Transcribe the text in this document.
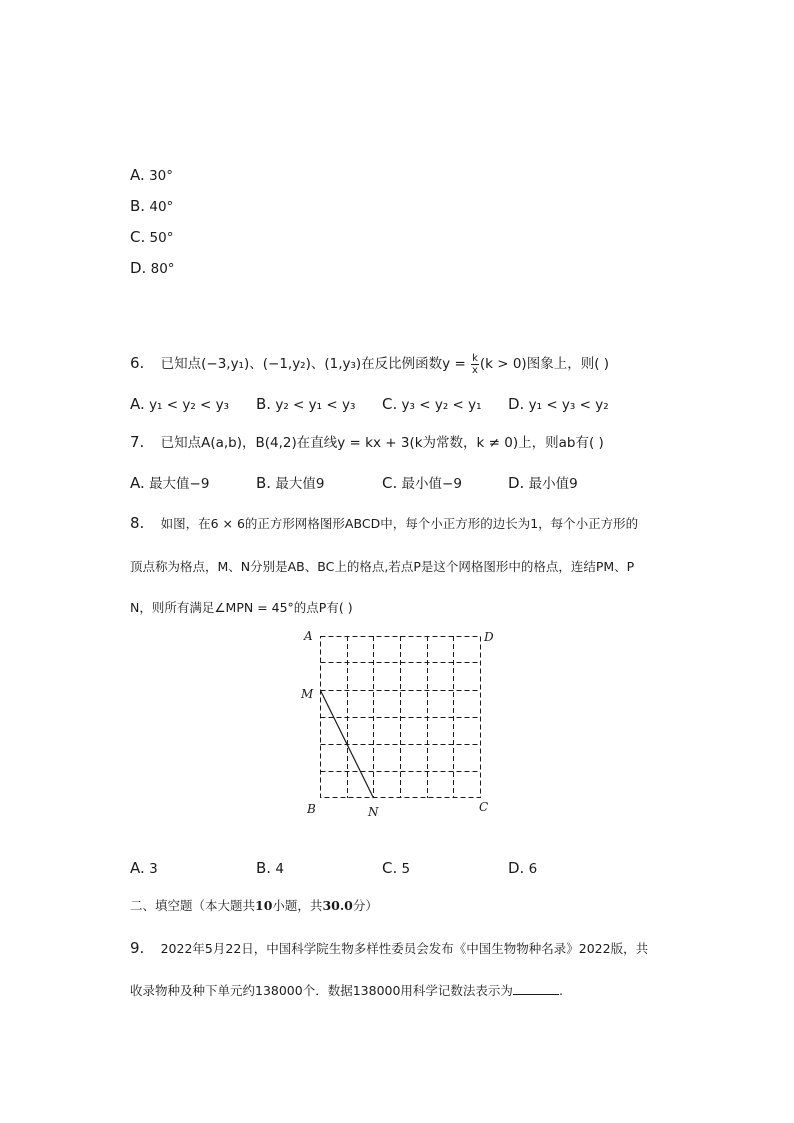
A. 30°
B. 40°
C. 50°
D. 80°
6. 已知点(−3,y₁)、(−1,y₂)、(1,y₃)在反比例函数$y = \frac{k}{x} (k > 0)$图象上，则( )
A. y₁ < y₂ < y₃ B. y₂ < y₁ < y₃ C. y₃ < y₂ < y₁ D. y₁ < y₃ < y₂
7. 已知点A(a,b)，B(4,2)在直线y = kx + 3(k为常数，k ≠ 0)上，则ab有( )
A. 最大值−9	B. 最大值9	C. 最小值−9	D. 最小值9
8. 如图，在6 × 6的正方形网格图形ABCD中，每个小正方形的边长为1，每个小正方形的
顶点称为格点，M、N分别是AB、BC上的格点,若点P是这个网格图形中的格点，连结PM、P
N，则所有满足∠MPN = 45°的点P有( )
A	D
M
B	N	C
A. 3	B. 4	C. 5	D. 6
二、填空题（本大题共10小题，共30.0分）
9. 2022年5月22日，中国科学院生物多样性委员会发布《中国生物物种名录》2022版，共
收录物种及种下单元约138000个．数据138000用科学记数法表示为	.
